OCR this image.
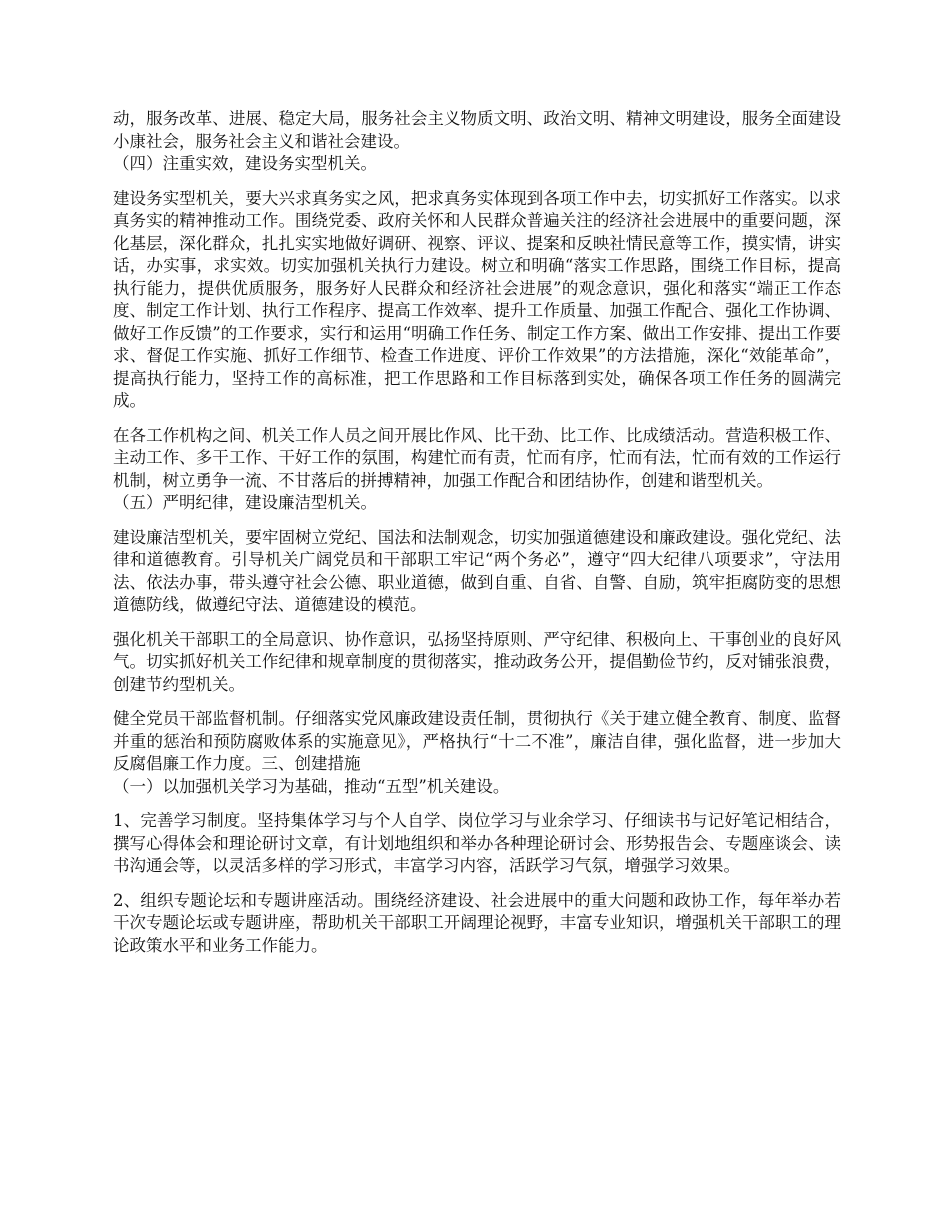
动，服务改革、进展、稳定大局，服务社会主义物质文明、政治文明、精神文明建设，服务全面建设小康社会，服务社会主义和谐社会建设。

（四）注重实效，建设务实型机关。

建设务实型机关，要大兴求真务实之风，把求真务实体现到各项工作中去，切实抓好工作落实。以求真务实的精神推动工作。围绕党委、政府关怀和人民群众普遍关注的经济社会进展中的重要问题，深化基层，深化群众，扎扎实实地做好调研、视察、评议、提案和反映社情民意等工作，摸实情，讲实话，办实事，求实效。切实加强机关执行力建设。树立和明确“落实工作思路，围绕工作目标，提高执行能力，提供优质服务，服务好人民群众和经济社会进展”的观念意识，强化和落实“端正工作态度、制定工作计划、执行工作程序、提高工作效率、提升工作质量、加强工作配合、强化工作协调、做好工作反馈”的工作要求，实行和运用“明确工作任务、制定工作方案、做出工作安排、提出工作要求、督促工作实施、抓好工作细节、检查工作进度、评价工作效果”的方法措施，深化“效能革命”，提高执行能力，坚持工作的高标准，把工作思路和工作目标落到实处，确保各项工作任务的圆满完成。

在各工作机构之间、机关工作人员之间开展比作风、比干劲、比工作、比成绩活动。营造积极工作、主动工作、多干工作、干好工作的氛围，构建忙而有责，忙而有序，忙而有法，忙而有效的工作运行机制，树立勇争一流、不甘落后的拼搏精神，加强工作配合和团结协作，创建和谐型机关。

（五）严明纪律，建设廉洁型机关。

建设廉洁型机关，要牢固树立党纪、国法和法制观念，切实加强道德建设和廉政建设。强化党纪、法律和道德教育。引导机关广阔党员和干部职工牢记“两个务必”，遵守“四大纪律八项要求”，守法用法、依法办事，带头遵守社会公德、职业道德，做到自重、自省、自警、自励，筑牢拒腐防变的思想道德防线，做遵纪守法、道德建设的模范。

强化机关干部职工的全局意识、协作意识，弘扬坚持原则、严守纪律、积极向上、干事创业的良好风气。切实抓好机关工作纪律和规章制度的贯彻落实，推动政务公开，提倡勤俭节约，反对铺张浪费，创建节约型机关。

健全党员干部监督机制。仔细落实党风廉政建设责任制，贯彻执行《关于建立健全教育、制度、监督并重的惩治和预防腐败体系的实施意见》，严格执行“十二不准”，廉洁自律，强化监督，进一步加大反腐倡廉工作力度。三、创建措施

（一）以加强机关学习为基础，推动“五型”机关建设。

1、完善学习制度。坚持集体学习与个人自学、岗位学习与业余学习、仔细读书与记好笔记相结合，撰写心得体会和理论研讨文章，有计划地组织和举办各种理论研讨会、形势报告会、专题座谈会、读书沟通会等，以灵活多样的学习形式，丰富学习内容，活跃学习气氛，增强学习效果。

2、组织专题论坛和专题讲座活动。围绕经济建设、社会进展中的重大问题和政协工作，每年举办若干次专题论坛或专题讲座，帮助机关干部职工开阔理论视野，丰富专业知识，增强机关干部职工的理论政策水平和业务工作能力。
